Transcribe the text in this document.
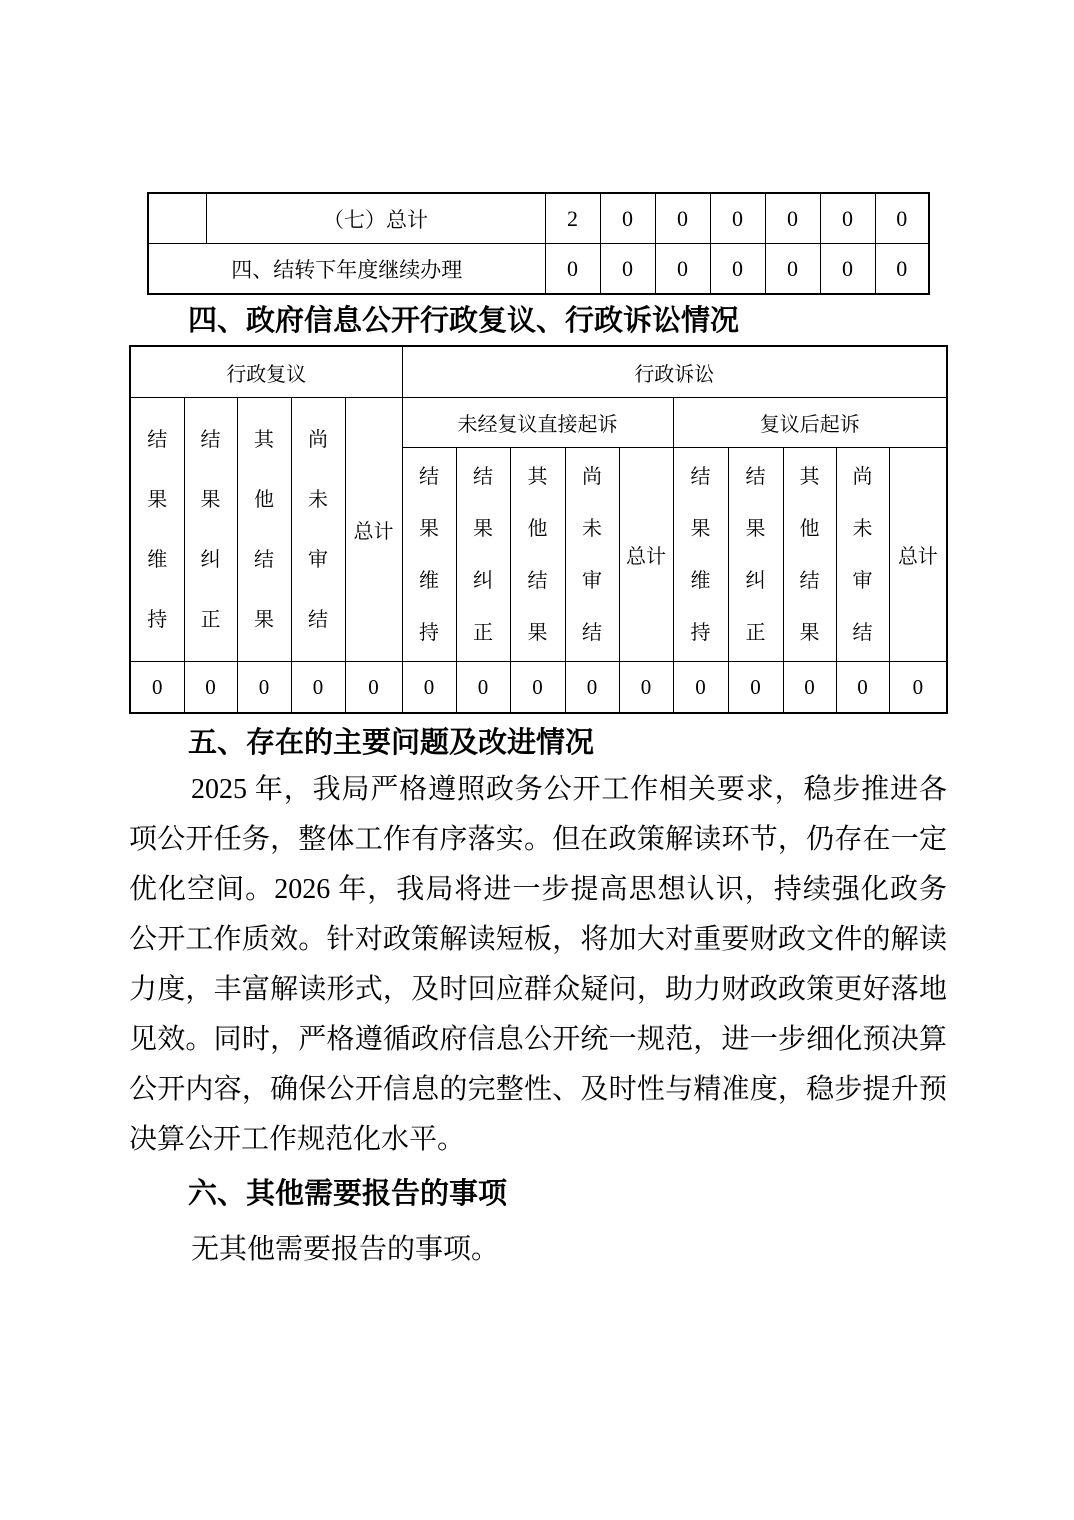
	（七）总计	2	0	0	0	0	0	0
四、结转下年度继续办理		0	0	0	0	0	0	0
四、政府信息公开行政复议、行政诉讼情况
行政复议					行政诉讼									
结果维持	结果纠正	其他结果	尚未审结	总计	未经复议直接起诉					复议后起诉				
					结果维持	结果纠正	其他结果	尚未审结	总计	结果维持	结果纠正	其他结果	尚未审结	总计
0	0	0	0	0	0	0	0	0	0	0	0	0	0	0
五、存在的主要问题及改进情况

2025 年，我局严格遵照政务公开工作相关要求，稳步推进各项公开任务，整体工作有序落实。但在政策解读环节，仍存在一定优化空间。2026 年，我局将进一步提高思想认识，持续强化政务公开工作质效。针对政策解读短板，将加大对重要财政文件的解读力度，丰富解读形式，及时回应群众疑问，助力财政政策更好落地见效。同时，严格遵循政府信息公开统一规范，进一步细化预决算公开内容，确保公开信息的完整性、及时性与精准度，稳步提升预决算公开工作规范化水平。

六、其他需要报告的事项

无其他需要报告的事项。
